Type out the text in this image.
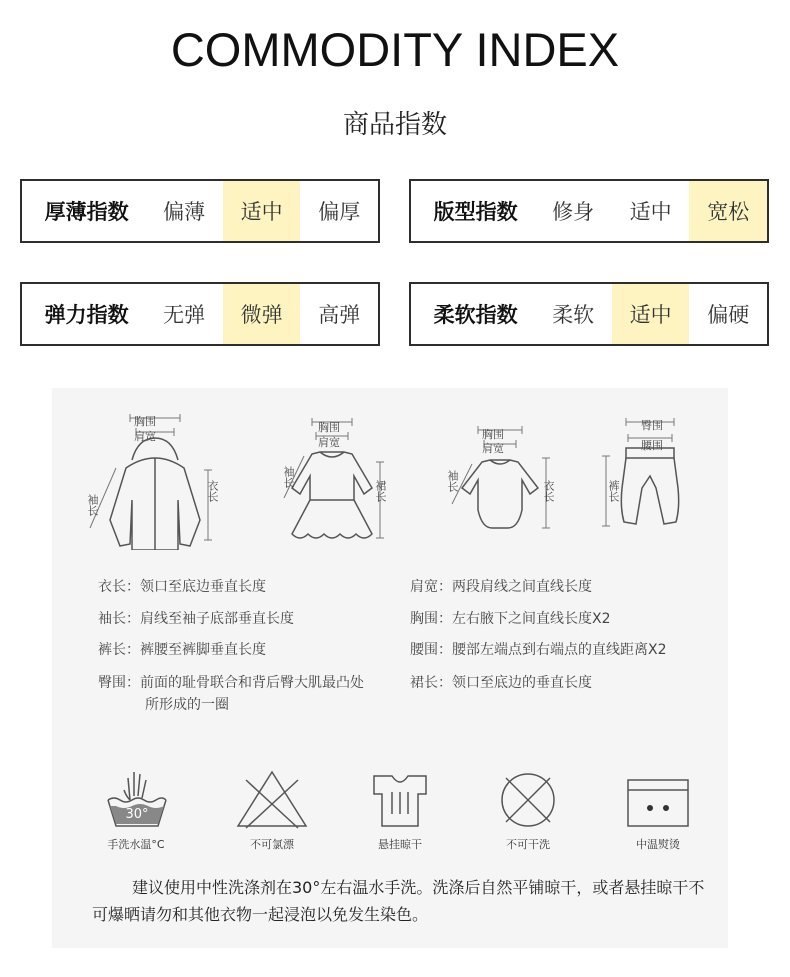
COMMODITY INDEX
商品指数
厚薄指数	偏薄	适中	偏厚	版型指数	修身	适中	宽松
弹力指数	无弹	微弹	高弹	柔软指数	柔软	适中	偏硬
胸围
肩宽
袖长
衣长
胸围
肩宽
袖长
裙长
胸围
肩宽
袖长	衣长
臀围
腰围
裤长
衣长：领口至底边垂直长度
袖长：肩线至袖子底部垂直长度
裤长：裤腰至裤脚垂直长度
臀围：前面的耻骨联合和背后臀大肌最凸处
所形成的一圈
肩宽：两段肩线之间直线长度
胸围：左右腋下之间直线长度X2
腰围：腰部左端点到右端点的直线距离X2
裙长：领口至底边的垂直长度
30°
手洗水温°C	不可氯漂	悬挂晾干	不可干洗	中温熨烫
建议使用中性洗涤剂在30°左右温水手洗。洗涤后自然平铺晾干，或者悬挂晾干不可爆晒请勿和其他衣物一起浸泡以免发生染色。
